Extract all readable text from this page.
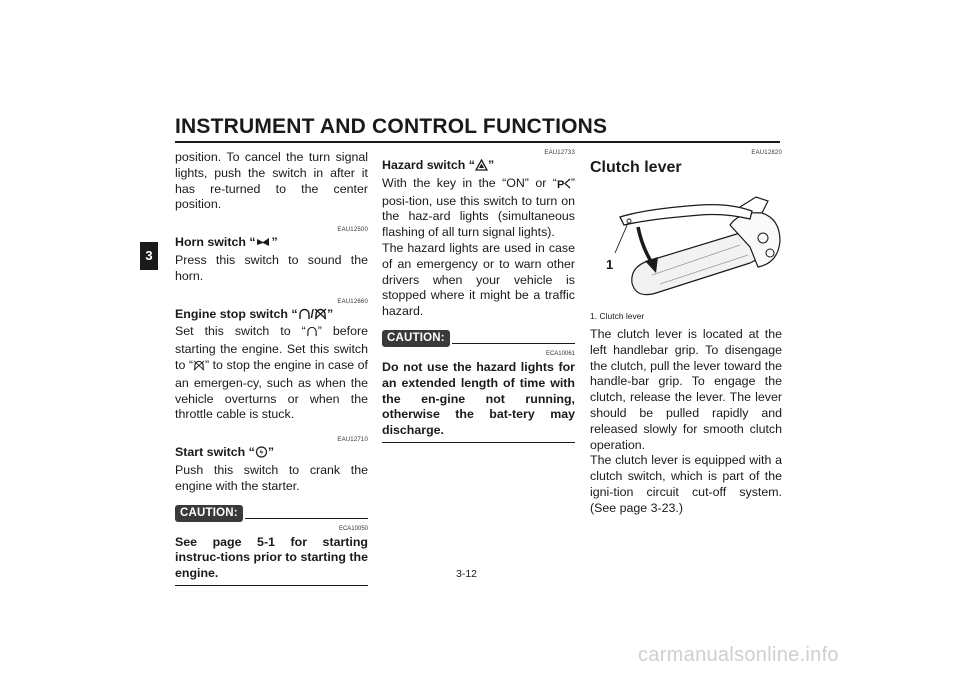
INSTRUMENT AND CONTROL FUNCTIONS
3

position. To cancel the turn signal lights, push the switch in after it has re-turned to the center position.

EAU12500

Horn switch “ ”

Press this switch to sound the horn.

EAU12660

Engine stop switch “ / ”

Set this switch to “ ” before starting the engine. Set this switch to “ ” to stop the engine in case of an emergen-cy, such as when the vehicle overturns or when the throttle cable is stuck.

EAU12710

Start switch “ ”

Push this switch to crank the engine with the starter.

CAUTION:
ECA10050

See page 5-1 for starting instruc-tions prior to starting the engine.

EAU12733

Hazard switch “ ”

With the key in the “ON” or “ P ” posi-tion, use this switch to turn on the haz-ard lights (simultaneous flashing of all turn signal lights).

The hazard lights are used in case of an emergency or to warn other drivers when your vehicle is stopped where it might be a traffic hazard.

CAUTION:
ECA10061

Do not use the hazard lights for an extended length of time with the en-gine not running, otherwise the bat-tery may discharge.

EAU12820
Clutch lever
1
1. Clutch lever

The clutch lever is located at the left handlebar grip. To disengage the clutch, pull the lever toward the handle-bar grip. To engage the clutch, release the lever. The lever should be pulled rapidly and released slowly for smooth clutch operation.

The clutch lever is equipped with a clutch switch, which is part of the igni-tion circuit cut-off system. (See page 3-23.)

3-12
carmanualsonline.info
